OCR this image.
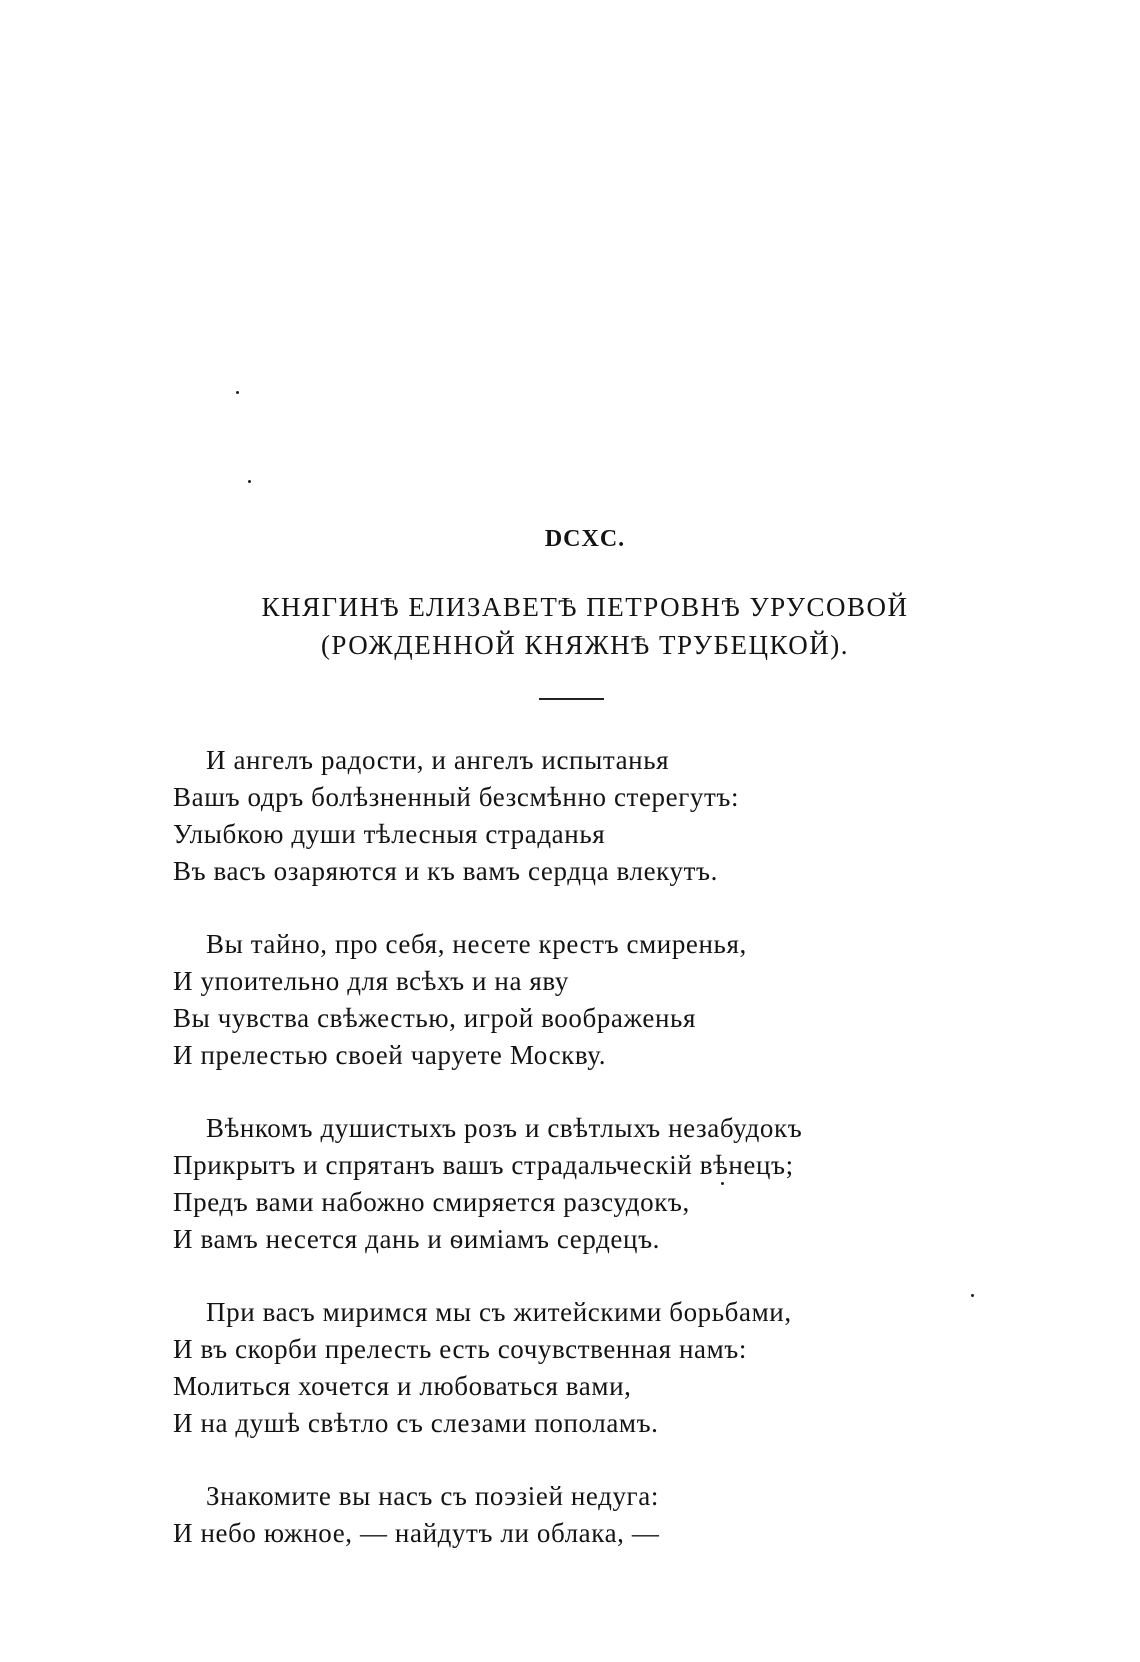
DCXC.
КНЯГИНѢ ЕЛИЗАВЕТѢ ПЕТРОВНѢ УРУСОВОЙ
(РОЖДЕННОЙ КНЯЖНѢ ТРУБЕЦКОЙ).
И ангелъ радости, и ангелъ испытанья
Вашъ одръ болѣзненный безсмѣнно стерегутъ:
Улыбкою души тѣлесныя страданья
Въ васъ озаряются и къ вамъ сердца влекутъ.
Вы тайно, про себя, несете крестъ смиренья,
И упоительно для всѣхъ и на яву
Вы чувства свѣжестью, игрой воображенья
И прелестью своей чаруете Москву.
Вѣнкомъ душистыхъ розъ и свѣтлыхъ незабудокъ
Прикрытъ и спрятанъ вашъ страдальческій вѣнецъ;
Предъ вами набожно смиряется разсудокъ,
И вамъ несется дань и ѳиміамъ сердецъ.
При васъ миримся мы съ житейскими борьбами,
И въ скорби прелесть есть сочувственная намъ:
Молиться хочется и любоваться вами,
И на душѣ свѣтло съ слезами пополамъ.
Знакомите вы насъ съ поэзіей недуга:
И небо южное, — найдутъ ли облака, —
